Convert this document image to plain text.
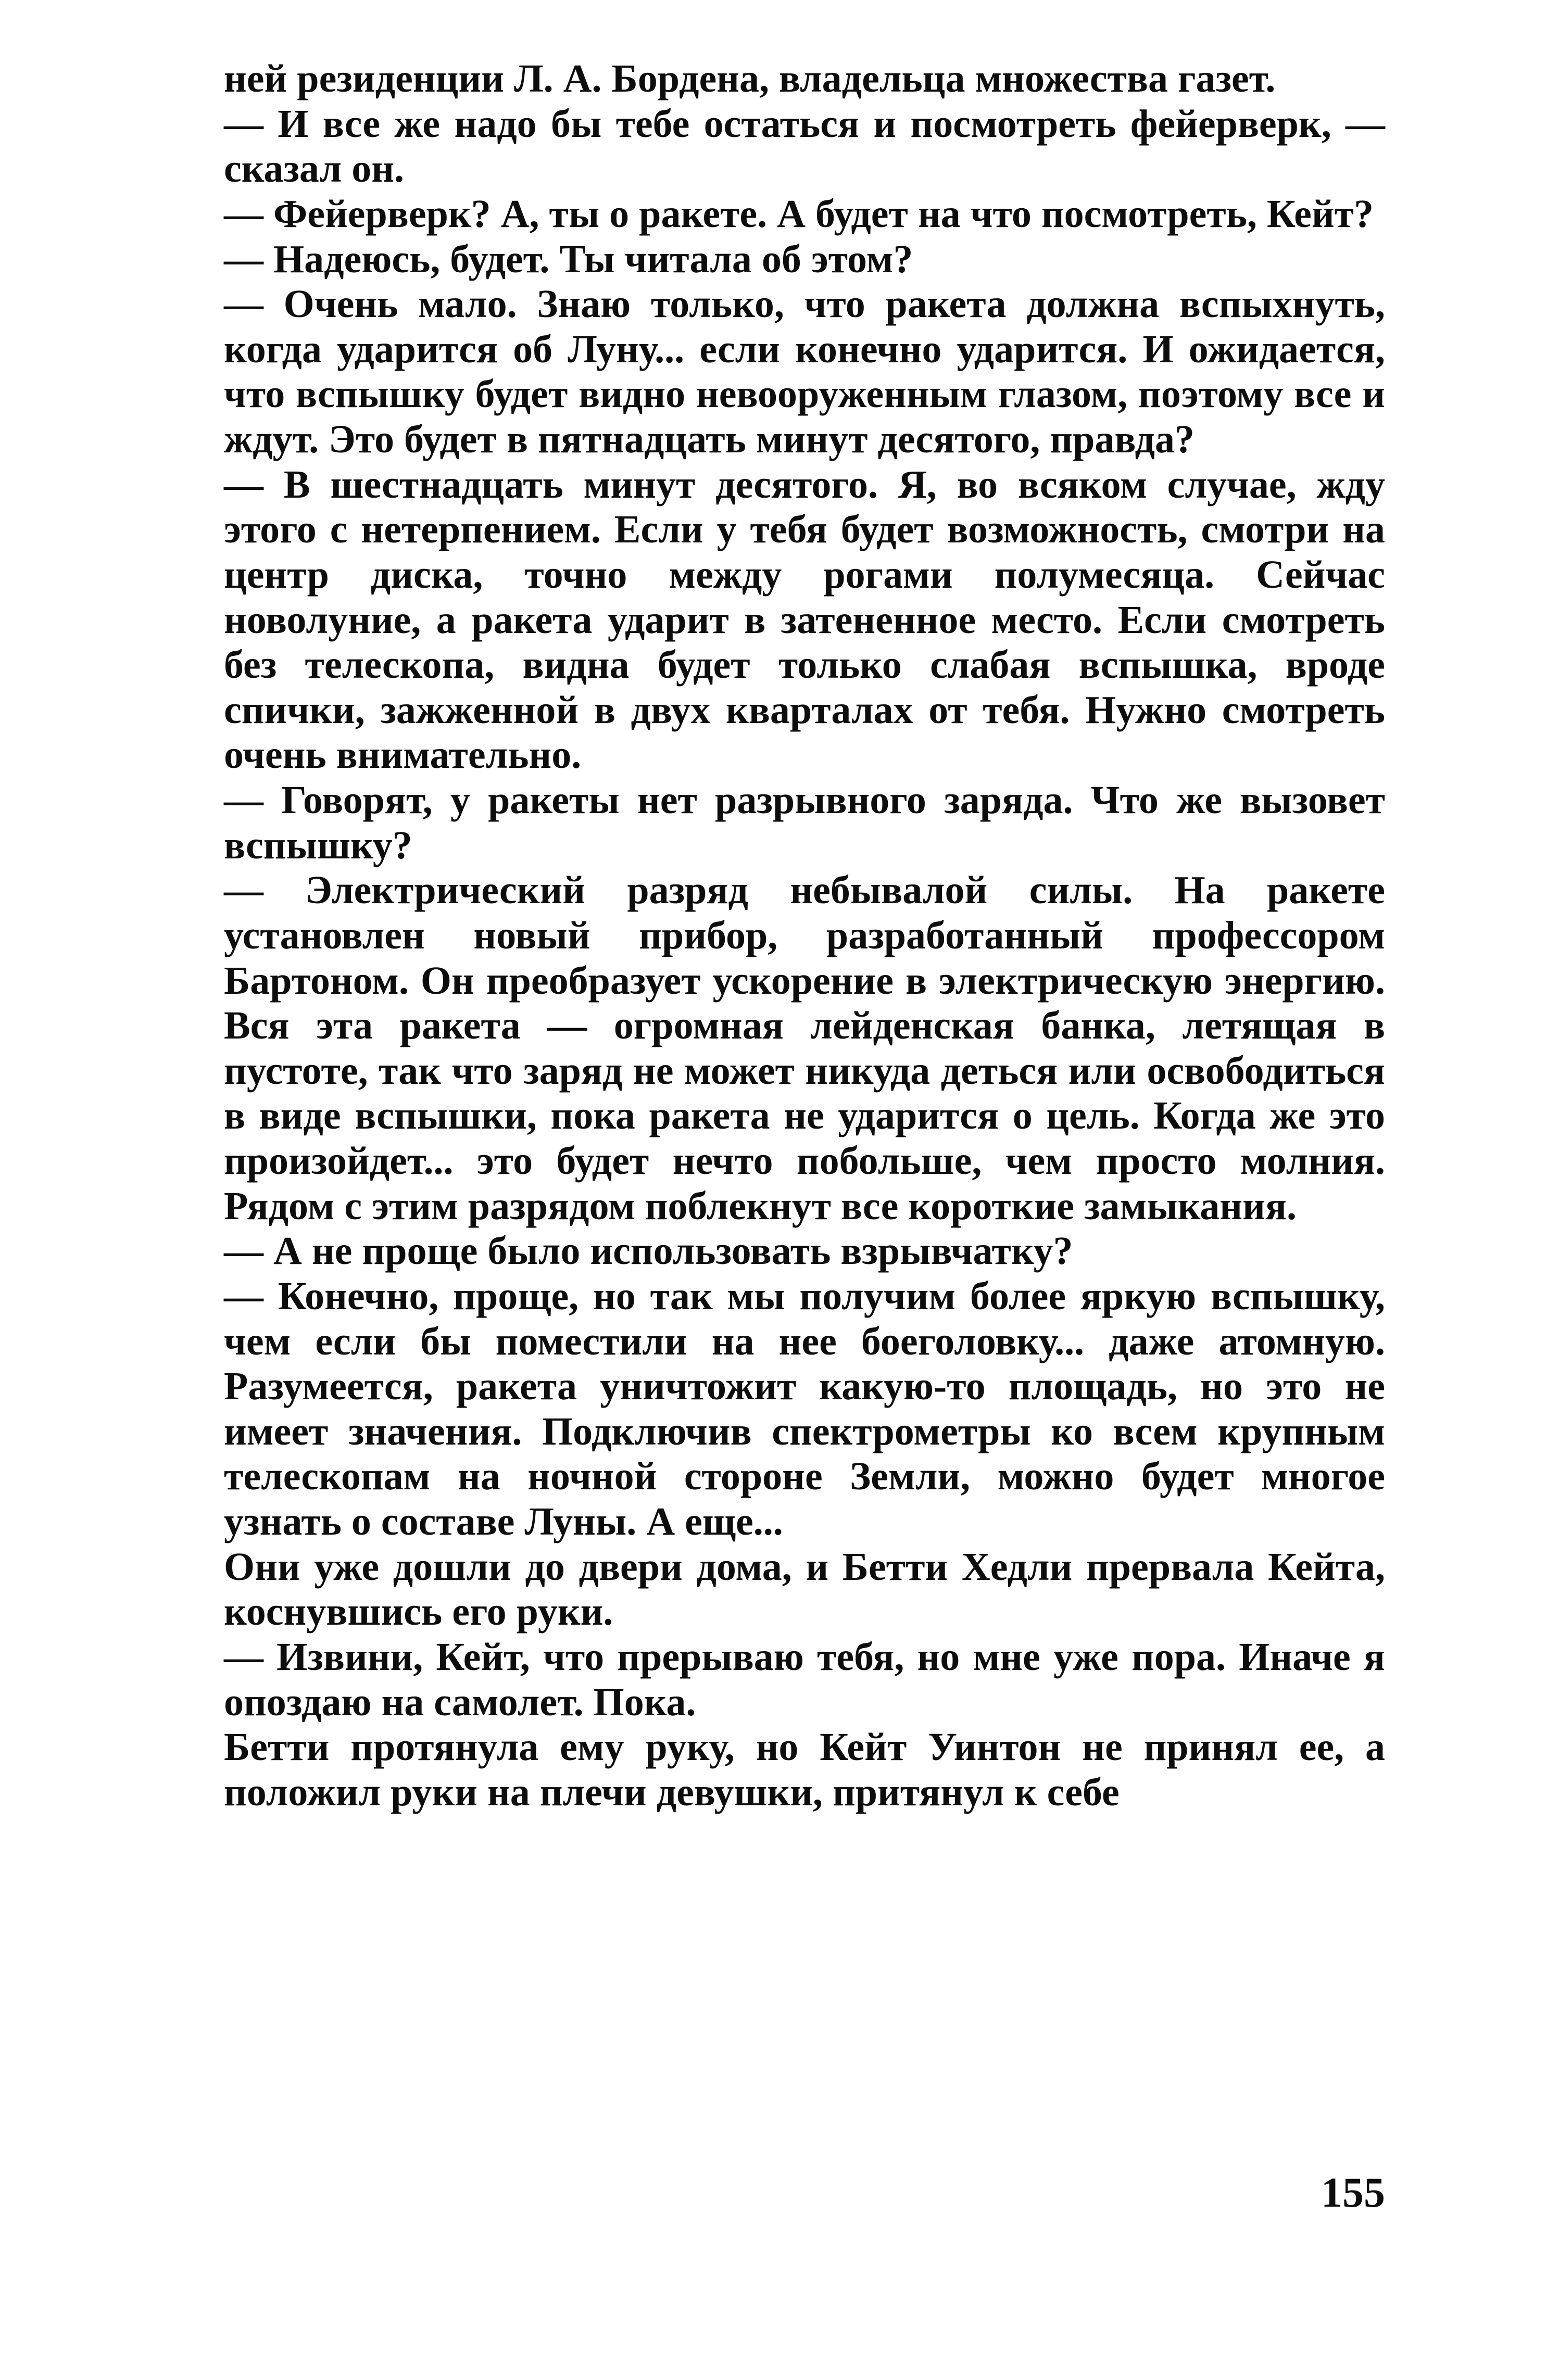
ней резиденции Л. А. Бордена, владельца множества газет.

— И все же надо бы тебе остаться и посмотреть фейерверк, — сказал он.

— Фейерверк? А, ты о ракете. А будет на что посмотреть, Кейт?

— Надеюсь, будет. Ты читала об этом?

— Очень мало. Знаю только, что ракета должна вспыхнуть, когда ударится об Луну... если конечно ударится. И ожидается, что вспышку будет видно невооруженным глазом, поэтому все и ждут. Это будет в пятнадцать минут десятого, правда?

— В шестнадцать минут десятого. Я, во всяком случае, жду этого с нетерпением. Если у тебя будет возможность, смотри на центр диска, точно между рогами полумесяца. Сейчас новолуние, а ракета ударит в затененное место. Если смотреть без телескопа, видна будет только слабая вспышка, вроде спички, зажженной в двух кварталах от тебя. Нужно смотреть очень внимательно.

— Говорят, у ракеты нет разрывного заряда. Что же вызовет вспышку?

— Электрический разряд небывалой силы. На ракете установлен новый прибор, разработанный профессором Бартоном. Он преобразует ускорение в электрическую энергию. Вся эта ракета — огромная лейденская банка, летящая в пустоте, так что заряд не может никуда деться или освободиться в виде вспышки, пока ракета не ударится о цель. Когда же это произойдет... это будет нечто побольше, чем просто молния. Рядом с этим разрядом поблекнут все короткие замыкания.

— А не проще было использовать взрывчатку?

— Конечно, проще, но так мы получим более яркую вспышку, чем если бы поместили на нее боеголовку... даже атомную. Разумеется, ракета уничтожит какую-то площадь, но это не имеет значения. Подключив спектрометры ко всем крупным телескопам на ночной стороне Земли, можно будет многое узнать о составе Луны. А еще...

Они уже дошли до двери дома, и Бетти Хедли прервала Кейта, коснувшись его руки.

— Извини, Кейт, что прерываю тебя, но мне уже пора. Иначе я опоздаю на самолет. Пока.

Бетти протянула ему руку, но Кейт Уинтон не принял ее, а положил руки на плечи девушки, притянул к себе

155
